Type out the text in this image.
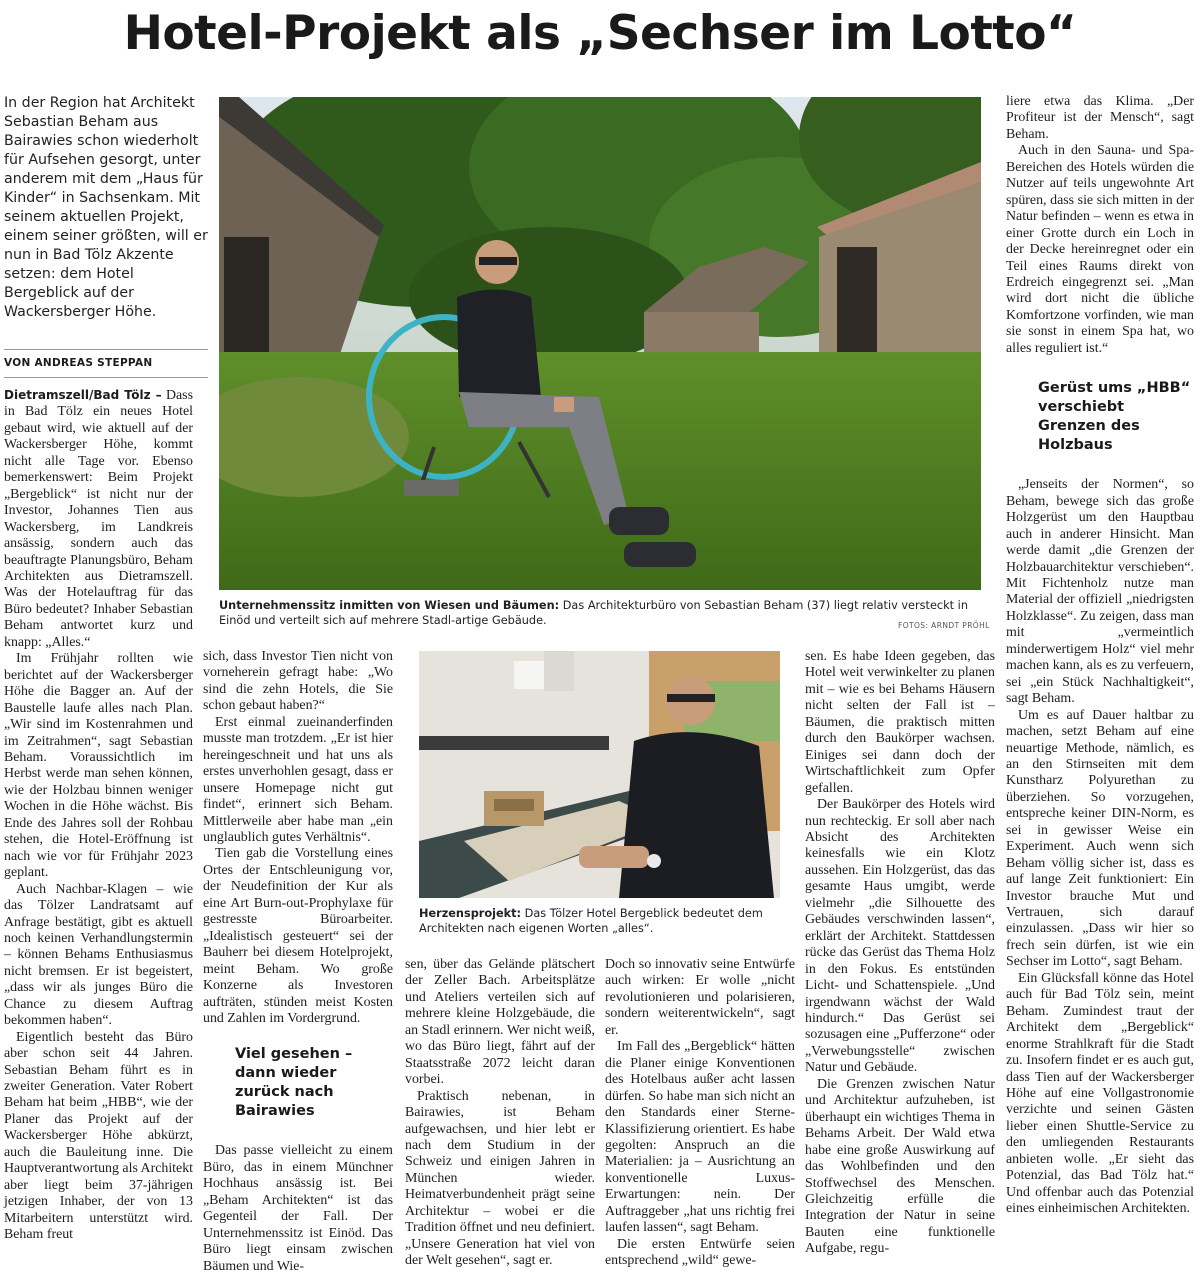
Hotel-Projekt als „Sechser im Lotto“

In der Region hat Architekt Sebastian Beham aus Bairawies schon wiederholt für Aufsehen gesorgt, unter anderem mit dem „Haus für Kinder“ in Sachsenkam. Mit seinem aktuellen Projekt, einem seiner größten, will er nun in Bad Tölz Akzente setzen: dem Hotel Bergeblick auf der Wackersberger Höhe.

VON ANDREAS STEPPAN

Unternehmenssitz inmitten von Wiesen und Bäumen: Das Architekturbüro von Sebastian Beham (37) liegt relativ versteckt in Einöd und verteilt sich auf mehrere Stadl-artige Gebäude.	FOTOS: ARNDT PRÖHL

Herzensprojekt: Das Tölzer Hotel Bergeblick bedeutet dem Architekten nach eigenen Worten „alles“.

Dietramszell/Bad Tölz – Dass in Bad Tölz ein neues Hotel gebaut wird, wie aktuell auf der Wackersberger Höhe, kommt nicht alle Tage vor. Ebenso bemerkenswert: Beim Projekt „Bergeblick“ ist nicht nur der Investor, Johannes Tien aus Wackersberg, im Landkreis ansässig, sondern auch das beauftragte Planungsbüro, Beham Architekten aus Dietramszell. Was der Hotelauftrag für das Büro bedeutet? Inhaber Sebastian Beham antwortet kurz und knapp: „Alles.“

Im Frühjahr rollten wie berichtet auf der Wackersberger Höhe die Bagger an. Auf der Baustelle laufe alles nach Plan. „Wir sind im Kostenrahmen und im Zeitrahmen“, sagt Sebastian Beham. Voraussichtlich im Herbst werde man sehen können, wie der Holzbau binnen weniger Wochen in die Höhe wächst. Bis Ende des Jahres soll der Rohbau stehen, die Hotel-Eröffnung ist nach wie vor für Frühjahr 2023 geplant.

Auch Nachbar-Klagen – wie das Tölzer Landratsamt auf Anfrage bestätigt, gibt es aktuell noch keinen Verhandlungstermin – können Behams Enthusiasmus nicht bremsen. Er ist begeistert, „dass wir als junges Büro die Chance zu diesem Auftrag bekommen haben“.

Eigentlich besteht das Büro aber schon seit 44 Jahren. Sebastian Beham führt es in zweiter Generation. Vater Robert Beham hat beim „HBB“, wie der Planer das Projekt auf der Wackersberger Höhe abkürzt, auch die Bauleitung inne. Die Hauptverantwortung als Architekt aber liegt beim 37-jährigen jetzigen Inhaber, der von 13 Mitarbeitern unterstützt wird. Beham freut

sich, dass Investor Tien nicht von vorneherein gefragt habe: „Wo sind die zehn Hotels, die Sie schon gebaut haben?“

Erst einmal zueinanderfinden musste man trotzdem. „Er ist hier hereingeschneit und hat uns als erstes unverhohlen gesagt, dass er unsere Homepage nicht gut findet“, erinnert sich Beham. Mittlerweile aber habe man „ein unglaublich gutes Verhältnis“.

Tien gab die Vorstellung eines Ortes der Entschleunigung vor, der Neudefinition der Kur als eine Art Burn-out-Prophylaxe für gestresste Büroarbeiter. „Idealistisch gesteuert“ sei der Bauherr bei diesem Hotelprojekt, meint Beham. Wo große Konzerne als Investoren aufträten, stünden meist Kosten und Zahlen im Vordergrund.

Viel gesehen – dann wieder zurück nach Bairawies

Das passe vielleicht zu einem Büro, das in einem Münchner Hochhaus ansässig ist. Bei „Beham Architekten“ ist das Gegenteil der Fall. Der Unternehmenssitz ist Einöd. Das Büro liegt einsam zwischen Bäumen und Wie-

sen, über das Gelände plätschert der Zeller Bach. Arbeitsplätze und Ateliers verteilen sich auf mehrere kleine Holzgebäude, die an Stadl erinnern. Wer nicht weiß, wo das Büro liegt, fährt auf der Staatsstraße 2072 leicht daran vorbei.

Praktisch nebenan, in Bairawies, ist Beham aufgewachsen, und hier lebt er nach dem Studium in der Schweiz und einigen Jahren in München wieder. Heimatverbundenheit prägt seine Architektur – wobei er die Tradition öffnet und neu definiert. „Unsere Generation hat viel von der Welt gesehen“, sagt er.

Doch so innovativ seine Entwürfe auch wirken: Er wolle „nicht revolutionieren und polarisieren, sondern weiterentwickeln“, sagt er.

Im Fall des „Bergeblick“ hätten die Planer einige Konventionen des Hotelbaus außer acht lassen dürfen. So habe man sich nicht an den Standards einer Sterne-Klassifizierung orientiert. Es habe gegolten: Anspruch an die Materialien: ja – Ausrichtung an konventionelle Luxus-Erwartungen: nein. Der Auftraggeber „hat uns richtig frei laufen lassen“, sagt Beham.

Die ersten Entwürfe seien entsprechend „wild“ gewe-

sen. Es habe Ideen gegeben, das Hotel weit verwinkelter zu planen mit – wie es bei Behams Häusern nicht selten der Fall ist – Bäumen, die praktisch mitten durch den Baukörper wachsen. Einiges sei dann doch der Wirtschaftlichkeit zum Opfer gefallen.

Der Baukörper des Hotels wird nun rechteckig. Er soll aber nach Absicht des Architekten keinesfalls wie ein Klotz aussehen. Ein Holzgerüst, das das gesamte Haus umgibt, werde vielmehr „die Silhouette des Gebäudes verschwinden lassen“, erklärt der Architekt. Stattdessen rücke das Gerüst das Thema Holz in den Fokus. Es entstünden Licht- und Schattenspiele. „Und irgendwann wächst der Wald hindurch.“ Das Gerüst sei sozusagen eine „Pufferzone“ oder „Verwebungsstelle“ zwischen Natur und Gebäude.

Die Grenzen zwischen Natur und Architektur aufzuheben, ist überhaupt ein wichtiges Thema in Behams Arbeit. Der Wald etwa habe eine große Auswirkung auf das Wohlbefinden und den Stoffwechsel des Menschen. Gleichzeitig erfülle die Integration der Natur in seine Bauten eine funktionelle Aufgabe, regu-

liere etwa das Klima. „Der Profiteur ist der Mensch“, sagt Beham.

Auch in den Sauna- und Spa-Bereichen des Hotels würden die Nutzer auf teils ungewohnte Art spüren, dass sie sich mitten in der Natur befinden – wenn es etwa in einer Grotte durch ein Loch in der Decke hereinregnet oder ein Teil eines Raums direkt von Erdreich eingegrenzt sei. „Man wird dort nicht die übliche Komfortzone vorfinden, wie man sie sonst in einem Spa hat, wo alles reguliert ist.“

Gerüst ums „HBB“ verschiebt Grenzen des Holzbaus

„Jenseits der Normen“, so Beham, bewege sich das große Holzgerüst um den Hauptbau auch in anderer Hinsicht. Man werde damit „die Grenzen der Holzbauarchitektur verschieben“. Mit Fichtenholz nutze man Material der offiziell „niedrigsten Holzklasse“. Zu zeigen, dass man mit „vermeintlich minderwertigem Holz“ viel mehr machen kann, als es zu verfeuern, sei „ein Stück Nachhaltigkeit“, sagt Beham.

Um es auf Dauer haltbar zu machen, setzt Beham auf eine neuartige Methode, nämlich, es an den Stirnseiten mit dem Kunstharz Polyurethan zu überziehen. So vorzugehen, entspreche keiner DIN-Norm, es sei in gewisser Weise ein Experiment. Auch wenn sich Beham völlig sicher ist, dass es auf lange Zeit funktioniert: Ein Investor brauche Mut und Vertrauen, sich darauf einzulassen. „Dass wir hier so frech sein dürfen, ist wie ein Sechser im Lotto“, sagt Beham.

Ein Glücksfall könne das Hotel auch für Bad Tölz sein, meint Beham. Zumindest traut der Architekt dem „Bergeblick“ enorme Strahlkraft für die Stadt zu. Insofern findet er es auch gut, dass Tien auf der Wackersberger Höhe auf eine Vollgastronomie verzichte und seinen Gästen lieber einen Shuttle-Service zu den umliegenden Restaurants anbieten wolle. „Er sieht das Potenzial, das Bad Tölz hat.“ Und offenbar auch das Potenzial eines einheimischen Architekten.
